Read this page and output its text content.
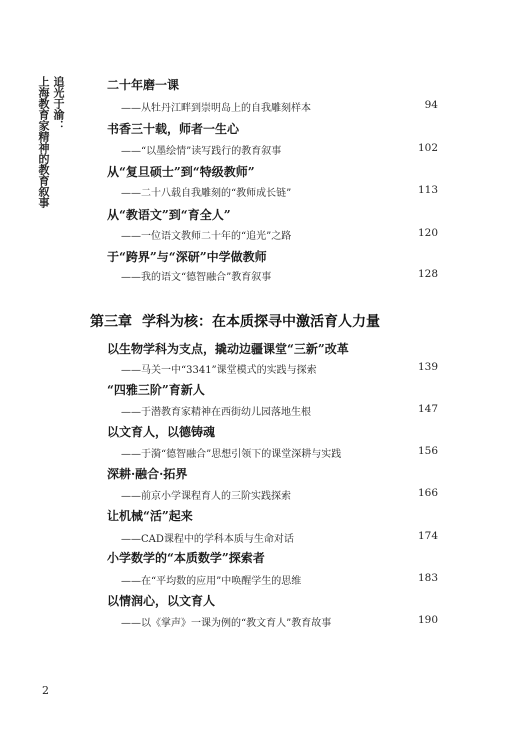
追光于渝：
上海教育家精神的教育叙事	二十年磨一课
——从牡丹江畔到崇明岛上的自我雕刻样本	94
书香三十载，师者一生心
——“以墨绘情”读写践行的教育叙事	102
从“复旦硕士”到“特级教师”
——二十八载自我雕刻的“教师成长链”	113
从“教语文”到“育全人”
——一位语文教师二十年的“追光”之路	120
于“跨界”与“深研”中学做教师
——我的语文“德智融合”教育叙事	128
第三章 学科为核：在本质探寻中激活育人力量
以生物学科为支点，撬动边疆课堂“三新”改革
——马关一中“3341”课堂模式的实践与探索	139
“四雅三阶”育新人
——于潜教育家精神在西街幼儿园落地生根	147
以文育人，以德铸魂
——于漪“德智融合”思想引领下的课堂深耕与实践	156
深耕·融合·拓界
——前京小学课程育人的三阶实践探索	166
让机械“活”起来
——CAD课程中的学科本质与生命对话	174
小学数学的“本质数学”探索者
——在“平均数的应用”中唤醒学生的思维	183
以情润心，以文育人
——以《掌声》一课为例的“教文育人”教育故事	190
2
